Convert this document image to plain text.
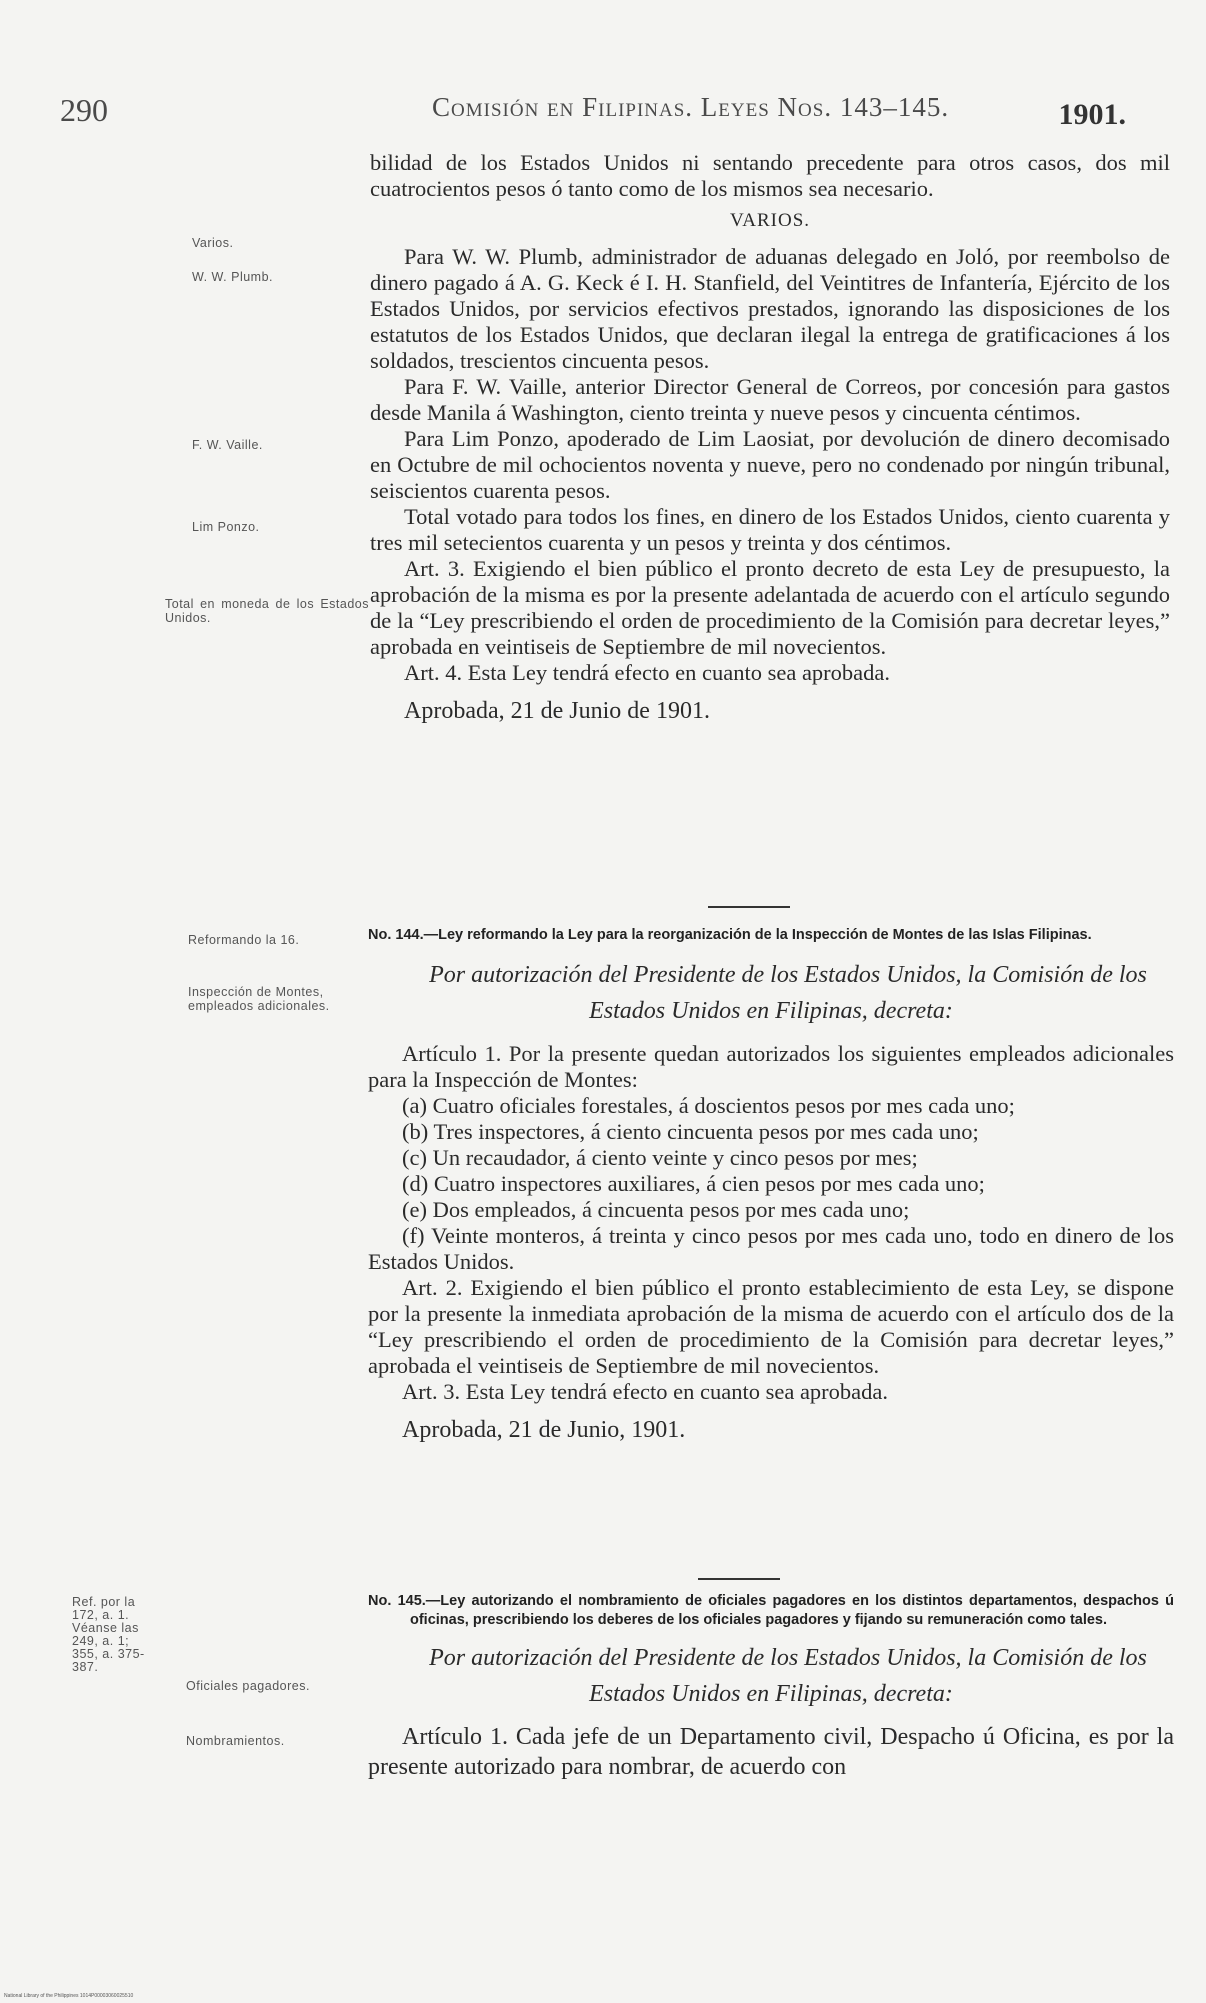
290	Comisión en Filipinas. Leyes Nos. 143–145.	1901.
Varios.
W. W. Plumb.
F. W. Vaille.
Lim Ponzo.
Total en moneda de los Estados Unidos.
Reformando la 16.
Inspección de Montes, empleados adicionales.
Ref. por la 172, a. 1. Véanse las 249, a. 1; 355, a. 375-387.
Oficiales pagadores.
Nombramientos.

bilidad de los Estados Unidos ni sentando precedente para otros casos, dos mil cuatrocientos pesos ó tanto como de los mismos sea necesario.

VARIOS.

Para W. W. Plumb, administrador de aduanas delegado en Joló, por reembolso de dinero pagado á A. G. Keck é I. H. Stanfield, del Veintitres de Infantería, Ejército de los Estados Unidos, por servicios efectivos prestados, ignorando las disposiciones de los estatutos de los Estados Unidos, que declaran ilegal la entrega de gratificaciones á los soldados, trescientos cincuenta pesos.

Para F. W. Vaille, anterior Director General de Correos, por concesión para gastos desde Manila á Washington, ciento treinta y nueve pesos y cincuenta céntimos.

Para Lim Ponzo, apoderado de Lim Laosiat, por devolución de dinero decomisado en Octubre de mil ochocientos noventa y nueve, pero no condenado por ningún tribunal, seiscientos cuarenta pesos.

Total votado para todos los fines, en dinero de los Estados Unidos, ciento cuarenta y tres mil setecientos cuarenta y un pesos y treinta y dos céntimos.

Art. 3. Exigiendo el bien público el pronto decreto de esta Ley de presupuesto, la aprobación de la misma es por la presente adelantada de acuerdo con el artículo segundo de la “Ley prescribiendo el orden de procedimiento de la Comisión para decretar leyes,” aprobada en veintiseis de Septiembre de mil novecientos.

Art. 4. Esta Ley tendrá efecto en cuanto sea aprobada.

Aprobada, 21 de Junio de 1901.

No. 144.—Ley reformando la Ley para la reorganización de la Inspección de Montes de las Islas Filipinas.

Por autorización del Presidente de los Estados Unidos, la Comisión de los Estados Unidos en Filipinas, decreta:

Artículo 1. Por la presente quedan autorizados los siguientes empleados adicionales para la Inspección de Montes:

(a) Cuatro oficiales forestales, á doscientos pesos por mes cada uno;

(b) Tres inspectores, á ciento cincuenta pesos por mes cada uno;

(c) Un recaudador, á ciento veinte y cinco pesos por mes;

(d) Cuatro inspectores auxiliares, á cien pesos por mes cada uno;

(e) Dos empleados, á cincuenta pesos por mes cada uno;

(f) Veinte monteros, á treinta y cinco pesos por mes cada uno, todo en dinero de los Estados Unidos.

Art. 2. Exigiendo el bien público el pronto establecimiento de esta Ley, se dispone por la presente la inmediata aprobación de la misma de acuerdo con el artículo dos de la “Ley prescribiendo el orden de procedimiento de la Comisión para decretar leyes,” aprobada el veintiseis de Septiembre de mil novecientos.

Art. 3. Esta Ley tendrá efecto en cuanto sea aprobada.

Aprobada, 21 de Junio, 1901.

No. 145.—Ley autorizando el nombramiento de oficiales pagadores en los distintos departamentos, despachos ú oficinas, prescribiendo los deberes de los oficiales pagadores y fijando su remuneración como tales.

Por autorización del Presidente de los Estados Unidos, la Comisión de los Estados Unidos en Filipinas, decreta:

Artículo 1. Cada jefe de un Departamento civil, Despacho ú Oficina, es por la presente autorizado para nombrar, de acuerdo con

National Library of the Philippines 1014P00003060025510
